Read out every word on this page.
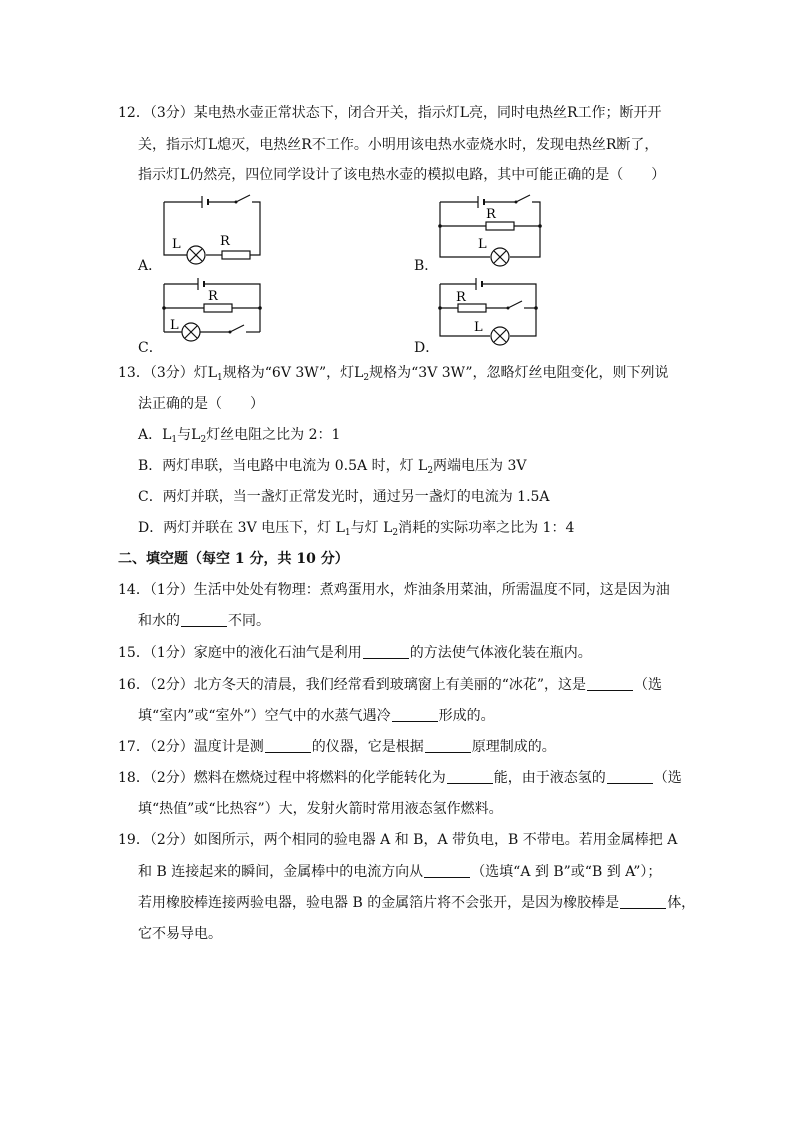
12．（3分）某电热水壶正常状态下，闭合开关，指示灯L亮，同时电热丝R工作；断开开
关，指示灯L熄灭，电热丝R不工作。小明用该电热水壶烧水时，发现电热丝R断了，
指示灯L仍然亮，四位同学设计了该电热水壶的模拟电路，其中可能正确的是（　　）
A．
L	R
B．
R
L
C．
R
L
D．
R
L
13．（3分）灯$L_1$规格为“6V 3W”，灯$L_2$规格为“3V 3W”，忽略灯丝电阻变化，则下列说
法正确的是（　　）
A．$L_1$与$L_2$灯丝电阻之比为 2：1
B．两灯串联，当电路中电流为 0.5A 时，灯 $L_2$两端电压为 3V
C．两灯并联，当一盏灯正常发光时，通过另一盏灯的电流为 1.5A
D．两灯并联在 3V 电压下，灯 $L_1$与灯 $L_2$消耗的实际功率之比为 1：4
二、填空题（每空 1 分，共 10 分）
14．（1分）生活中处处有物理：煮鸡蛋用水，炸油条用菜油，所需温度不同，这是因为油
和水的	不同。
15．（1分）家庭中的液化石油气是利用	的方法使气体液化装在瓶内。
16．（2分）北方冬天的清晨，我们经常看到玻璃窗上有美丽的“冰花”，这是	（选
填“室内”或“室外”）空气中的水蒸气遇冷	形成的。
17．（2分）温度计是测	的仪器，它是根据	原理制成的。
18．（2分）燃料在燃烧过程中将燃料的化学能转化为	能，由于液态氢的	（选
填“热值”或“比热容”）大，发射火箭时常用液态氢作燃料。
19．（2分）如图所示，两个相同的验电器 A 和 B，A 带负电，B 不带电。若用金属棒把 A
和 B 连接起来的瞬间，金属棒中的电流方向从	（选填“A 到 B”或“B 到 A”）；
若用橡胶棒连接两验电器，验电器 B 的金属箔片将不会张开，是因为橡胶棒是	体，
它不易导电。
